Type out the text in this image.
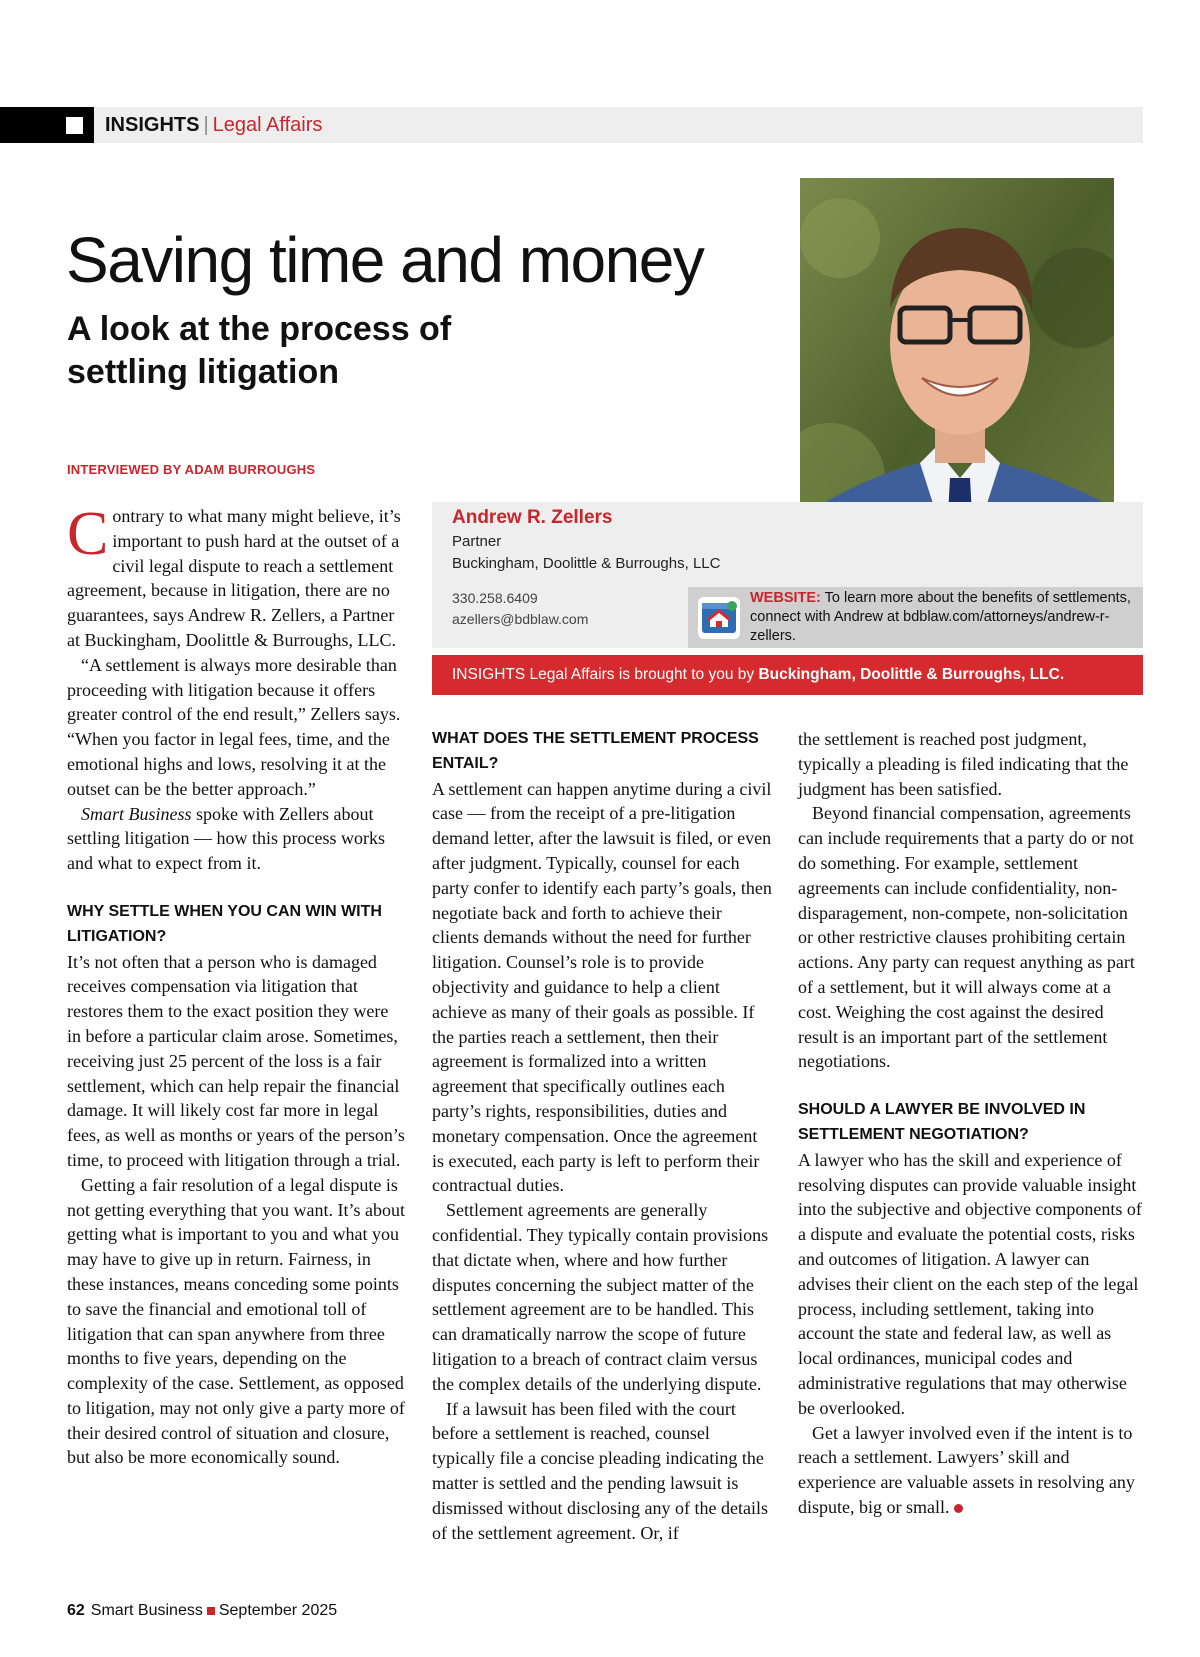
INSIGHTS | Legal Affairs
Saving time and money
A look at the process of settling litigation
INTERVIEWED BY ADAM BURROUGHS
Andrew R. Zellers
Partner
Buckingham, Doolittle & Burroughs, LLC
330.258.6409
azellers@bdblaw.com
WEBSITE: To learn more about the benefits of settlements, connect with Andrew at bdblaw.com/attorneys/andrew-r-zellers.
INSIGHTS Legal Affairs is brought to you by Buckingham, Doolittle & Burroughs, LLC.

Contrary to what many might believe, it’s important to push hard at the outset of a civil legal dispute to reach a settlement agreement, because in litigation, there are no guarantees, says Andrew R. Zellers, a Partner at Buckingham, Doolittle & Burroughs, LLC.

“A settlement is always more desirable than proceeding with litigation because it offers greater control of the end result,” Zellers says. “When you factor in legal fees, time, and the emotional highs and lows, resolving it at the outset can be the better approach.”

Smart Business spoke with Zellers about settling litigation — how this process works and what to expect from it.

WHY SETTLE WHEN YOU CAN WIN WITH LITIGATION?

It’s not often that a person who is damaged receives compensation via litigation that restores them to the exact position they were in before a particular claim arose. Sometimes, receiving just 25 percent of the loss is a fair settlement, which can help repair the financial damage. It will likely cost far more in legal fees, as well as months or years of the person’s time, to proceed with litigation through a trial.

Getting a fair resolution of a legal dispute is not getting everything that you want. It’s about getting what is important to you and what you may have to give up in return. Fairness, in these instances, means conceding some points to save the financial and emotional toll of litigation that can span anywhere from three months to five years, depending on the complexity of the case. Settlement, as opposed to litigation, may not only give a party more of their desired control of situation and closure, but also be more economically sound.

WHAT DOES THE SETTLEMENT PROCESS ENTAIL?

A settlement can happen anytime during a civil case — from the receipt of a pre-litigation demand letter, after the lawsuit is filed, or even after judgment. Typically, counsel for each party confer to identify each party’s goals, then negotiate back and forth to achieve their clients demands without the need for further litigation. Counsel’s role is to provide objectivity and guidance to help a client achieve as many of their goals as possible. If the parties reach a settlement, then their agreement is formalized into a written agreement that specifically outlines each party’s rights, responsibilities, duties and monetary compensation. Once the agreement is executed, each party is left to perform their contractual duties.

Settlement agreements are generally confidential. They typically contain provisions that dictate when, where and how further disputes concerning the subject matter of the settlement agreement are to be handled. This can dramatically narrow the scope of future litigation to a breach of contract claim versus the complex details of the underlying dispute.

If a lawsuit has been filed with the court before a settlement is reached, counsel typically file a concise pleading indicating the matter is settled and the pending lawsuit is dismissed without disclosing any of the details of the settlement agreement. Or, if

the settlement is reached post judgment, typically a pleading is filed indicating that the judgment has been satisfied.

Beyond financial compensation, agreements can include requirements that a party do or not do something. For example, settlement agreements can include confidentiality, non-disparagement, non-compete, non-solicitation or other restrictive clauses prohibiting certain actions. Any party can request anything as part of a settlement, but it will always come at a cost. Weighing the cost against the desired result is an important part of the settlement negotiations.

SHOULD A LAWYER BE INVOLVED IN SETTLEMENT NEGOTIATION?

A lawyer who has the skill and experience of resolving disputes can provide valuable insight into the subjective and objective components of a dispute and evaluate the potential costs, risks and outcomes of litigation. A lawyer can advises their client on the each step of the legal process, including settlement, taking into account the state and federal law, as well as local ordinances, municipal codes and administrative regulations that may otherwise be overlooked.

Get a lawyer involved even if the intent is to reach a settlement. Lawyers’ skill and experience are valuable assets in resolving any dispute, big or small.

62 Smart Business September 2025
